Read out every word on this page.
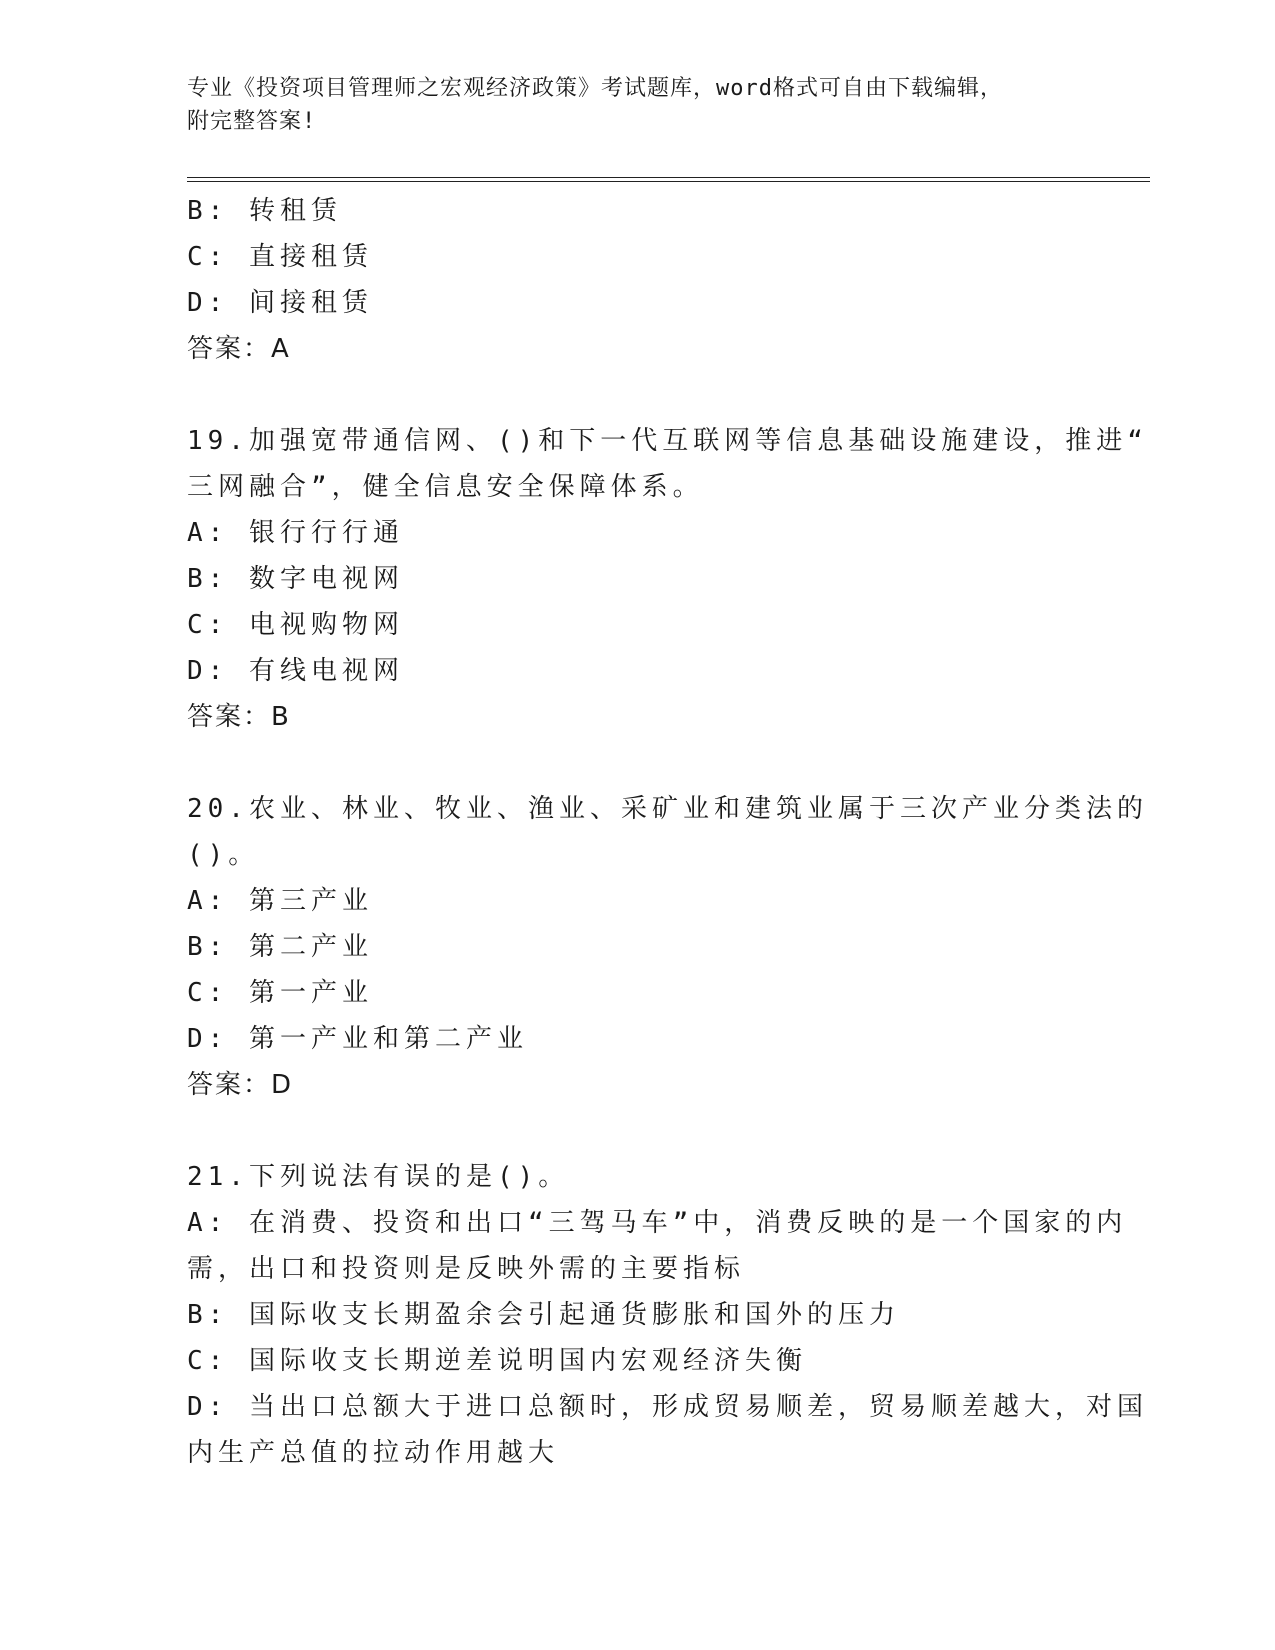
专业《投资项目管理师之宏观经济政策》考试题库，word格式可自由下载编辑，
附完整答案!
B: 转租赁
C: 直接租赁
D: 间接租赁
答案：A
19.加强宽带通信网、()和下一代互联网等信息基础设施建设，推进“
三网融合”，健全信息安全保障体系。
A: 银行行行通
B: 数字电视网
C: 电视购物网
D: 有线电视网
答案：B
20.农业、林业、牧业、渔业、采矿业和建筑业属于三次产业分类法的
()。
A: 第三产业
B: 第二产业
C: 第一产业
D: 第一产业和第二产业
答案：D
21.下列说法有误的是()。
A: 在消费、投资和出口“三驾马车”中，消费反映的是一个国家的内
需，出口和投资则是反映外需的主要指标
B: 国际收支长期盈余会引起通货膨胀和国外的压力
C: 国际收支长期逆差说明国内宏观经济失衡
D: 当出口总额大于进口总额时，形成贸易顺差，贸易顺差越大，对国
内生产总值的拉动作用越大
